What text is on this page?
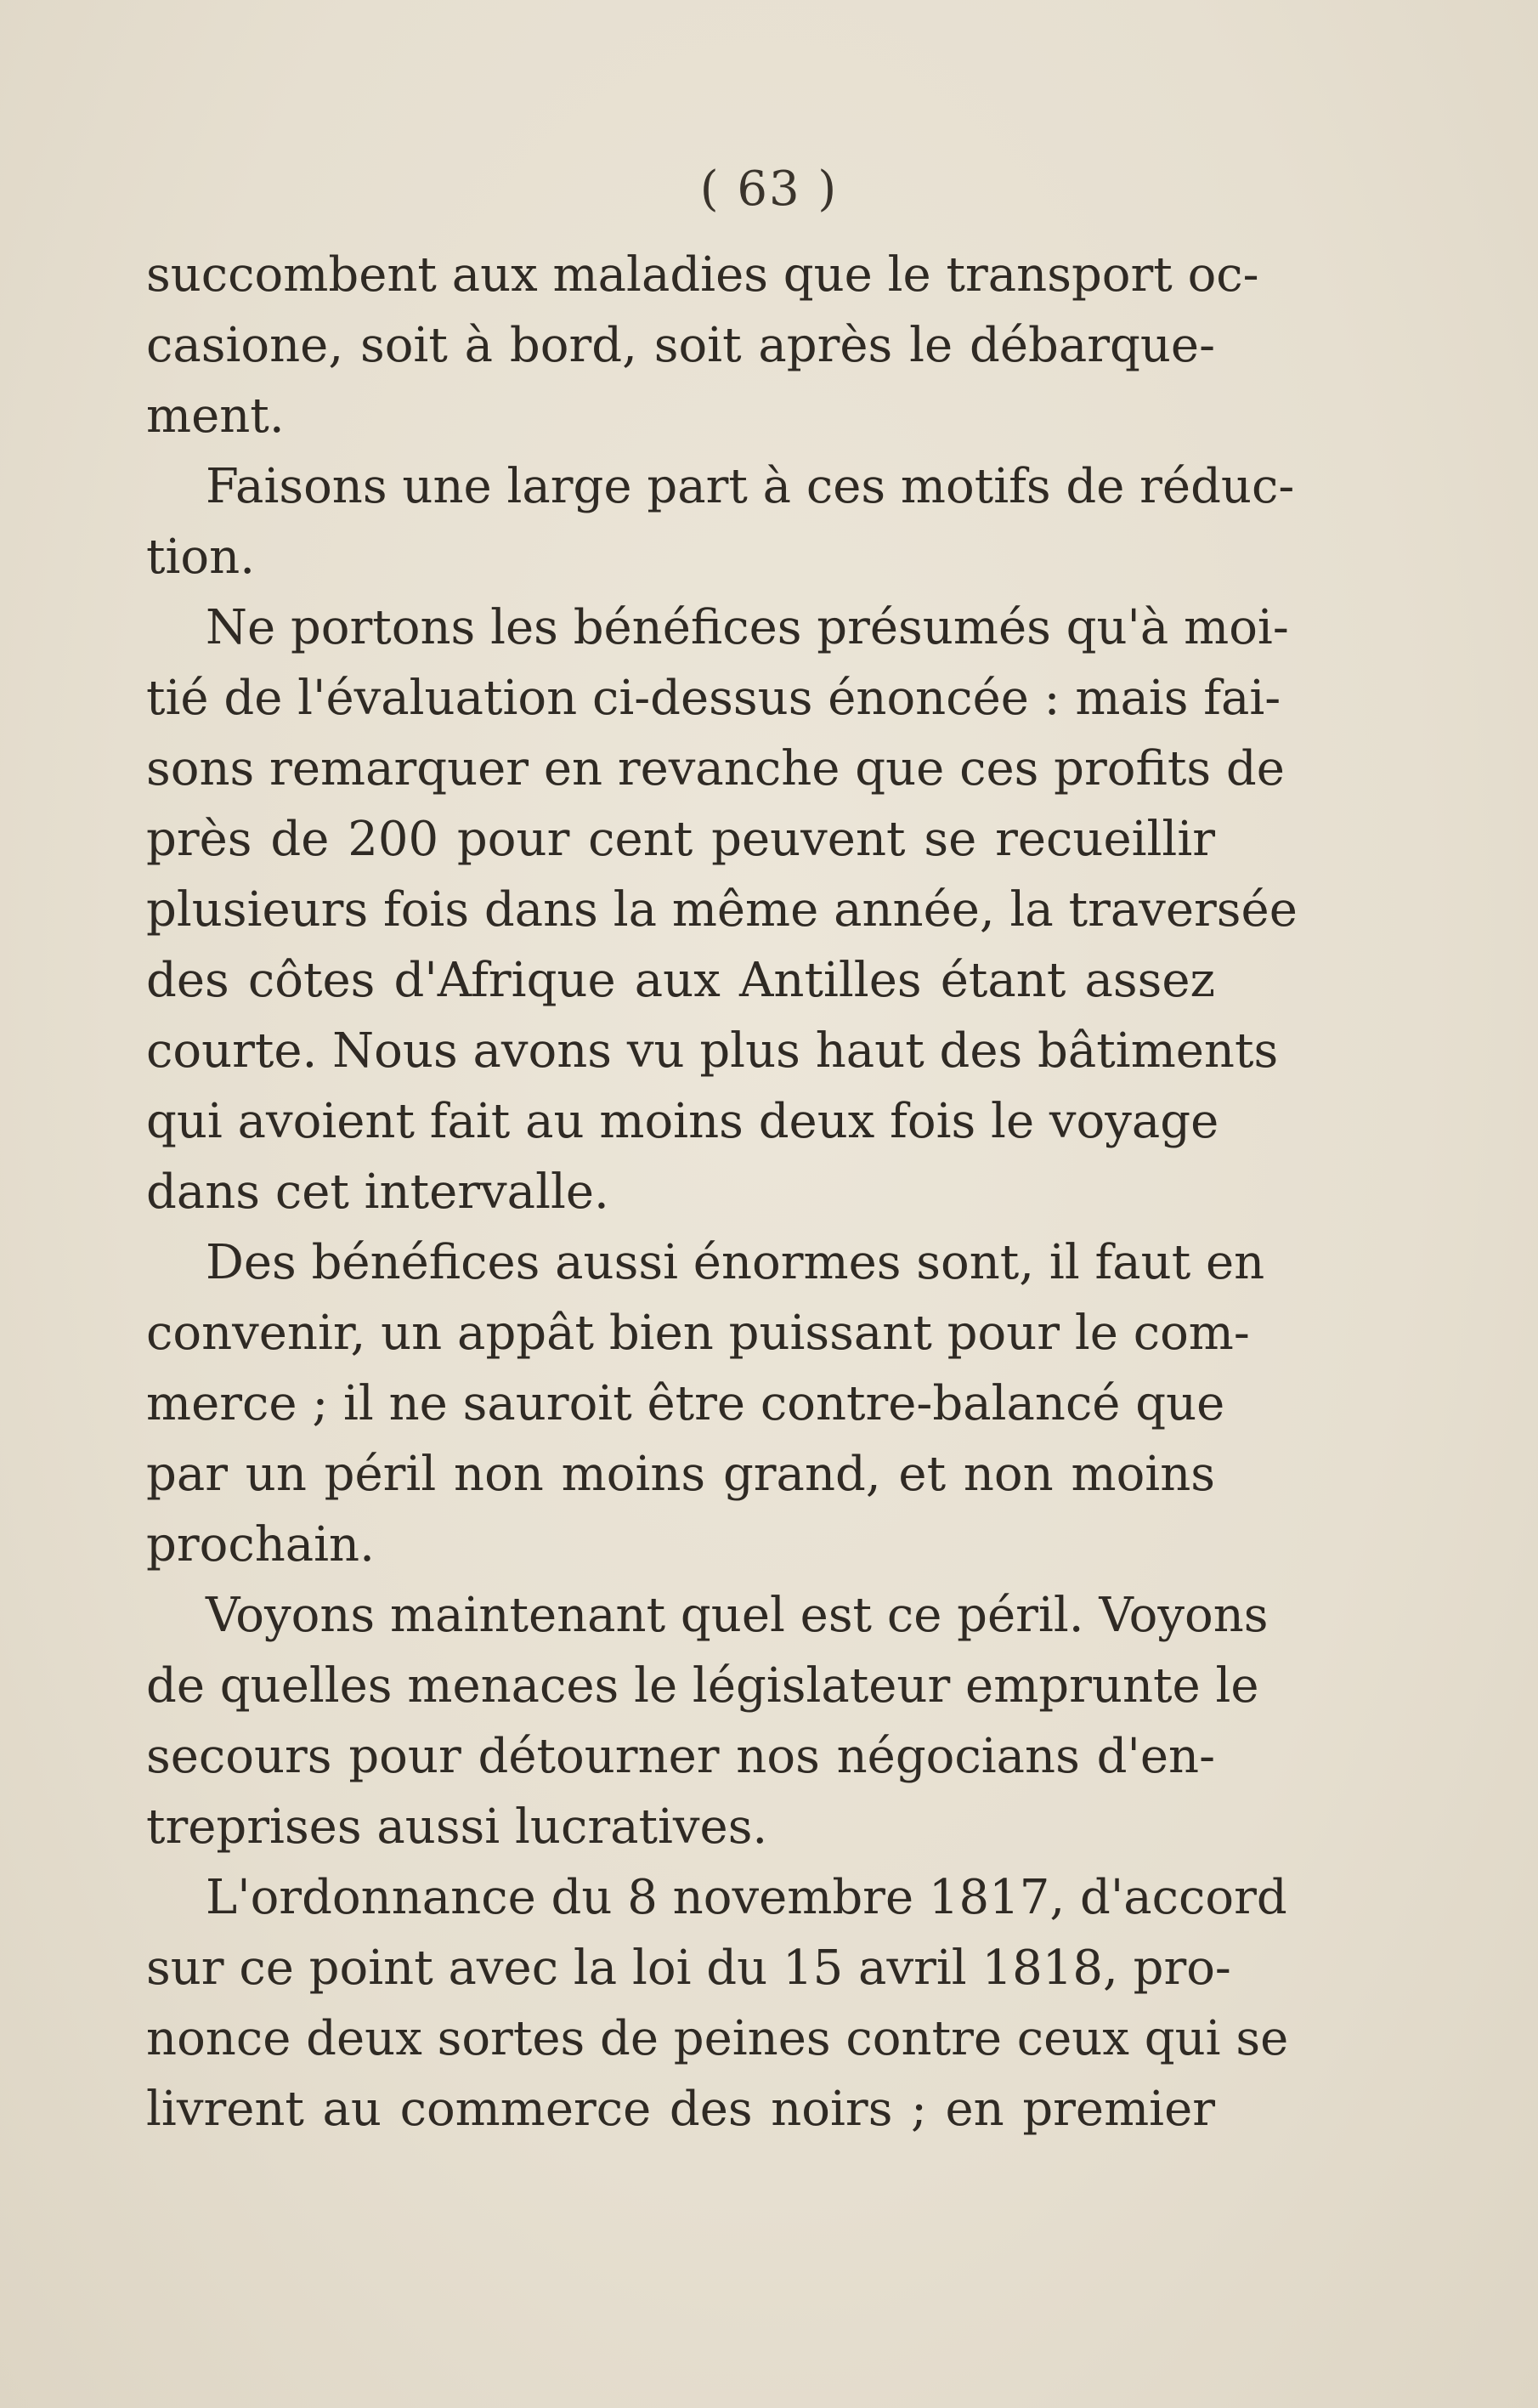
( 63 )

succombent aux maladies que le transport oc-
casione, soit à bord, soit après le débarque-
ment.
Faisons une large part à ces motifs de réduc-
tion.
Ne portons les bénéfices présumés qu'à moi-
tié de l'évaluation ci-dessus énoncée : mais fai-
sons remarquer en revanche que ces profits de
près de 200 pour cent peuvent se recueillir
plusieurs fois dans la même année, la traversée
des côtes d'Afrique aux Antilles étant assez
courte. Nous avons vu plus haut des bâtiments
qui avoient fait au moins deux fois le voyage
dans cet intervalle.
Des bénéfices aussi énormes sont, il faut en
convenir, un appât bien puissant pour le com-
merce ; il ne sauroit être contre-balancé que
par un péril non moins grand, et non moins
prochain.
Voyons maintenant quel est ce péril. Voyons
de quelles menaces le législateur emprunte le
secours pour détourner nos négocians d'en-
treprises aussi lucratives.
L'ordonnance du 8 novembre 1817, d'accord
sur ce point avec la loi du 15 avril 1818, pro-
nonce deux sortes de peines contre ceux qui se
livrent au commerce des noirs ; en premier
